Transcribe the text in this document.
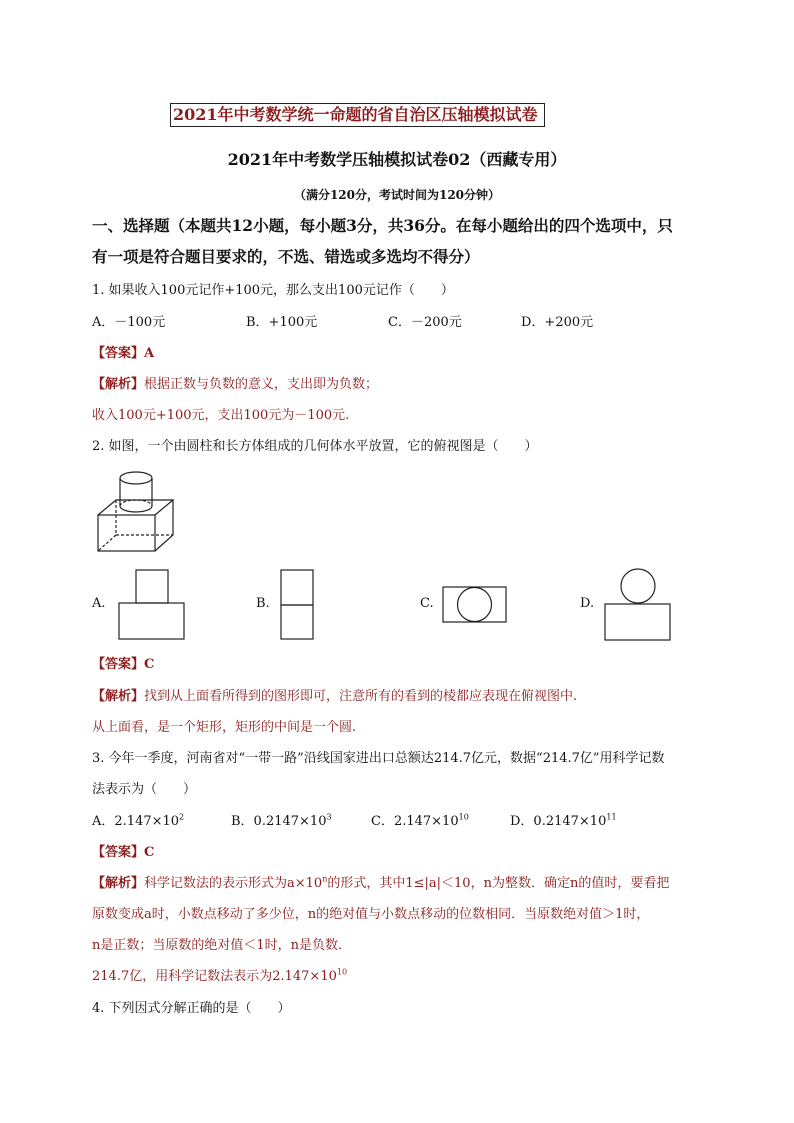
2021年中考数学统一命题的省自治区压轴模拟试卷
2021年中考数学压轴模拟试卷02（西藏专用）
（满分120分，考试时间为120分钟）
一、选择题（本题共12小题，每小题3分，共36分。在每小题给出的四个选项中，只
有一项是符合题目要求的，不选、错选或多选均不得分）
1. 如果收入100元记作+100元，那么支出100元记作（　　）
A．－100元	B．+100元	C．－200元	D．+200元
【答案】A
【解析】根据正数与负数的意义，支出即为负数；
收入100元+100元，支出100元为－100元.
2. 如图，一个由圆柱和长方体组成的几何体水平放置，它的俯视图是（　　）
A.	B.	C.	D.
【答案】C
【解析】找到从上面看所得到的图形即可，注意所有的看到的棱都应表现在俯视图中.
从上面看，是一个矩形，矩形的中间是一个圆.
3. 今年一季度，河南省对“一带一路”沿线国家进出口总额达214.7亿元，数据“214.7亿”用科学记数
法表示为（　　）
A．$2.147\times 10^2$	B．$0.2147\times 10^3$	C．$2.147\times 10^{10}$	D．$0.2147\times 10^{11}$
【答案】C
【解析】科学记数法的表示形式为$a\times 10^n$的形式，其中1≤|a|＜10，n为整数．确定n的值时，要看把
原数变成a时，小数点移动了多少位，n的绝对值与小数点移动的位数相同．当原数绝对值＞1时，
n是正数；当原数的绝对值＜1时，n是负数．
214.7亿，用科学记数法表示为$2.147\times 10^{10}$
4. 下列因式分解正确的是（　　）
